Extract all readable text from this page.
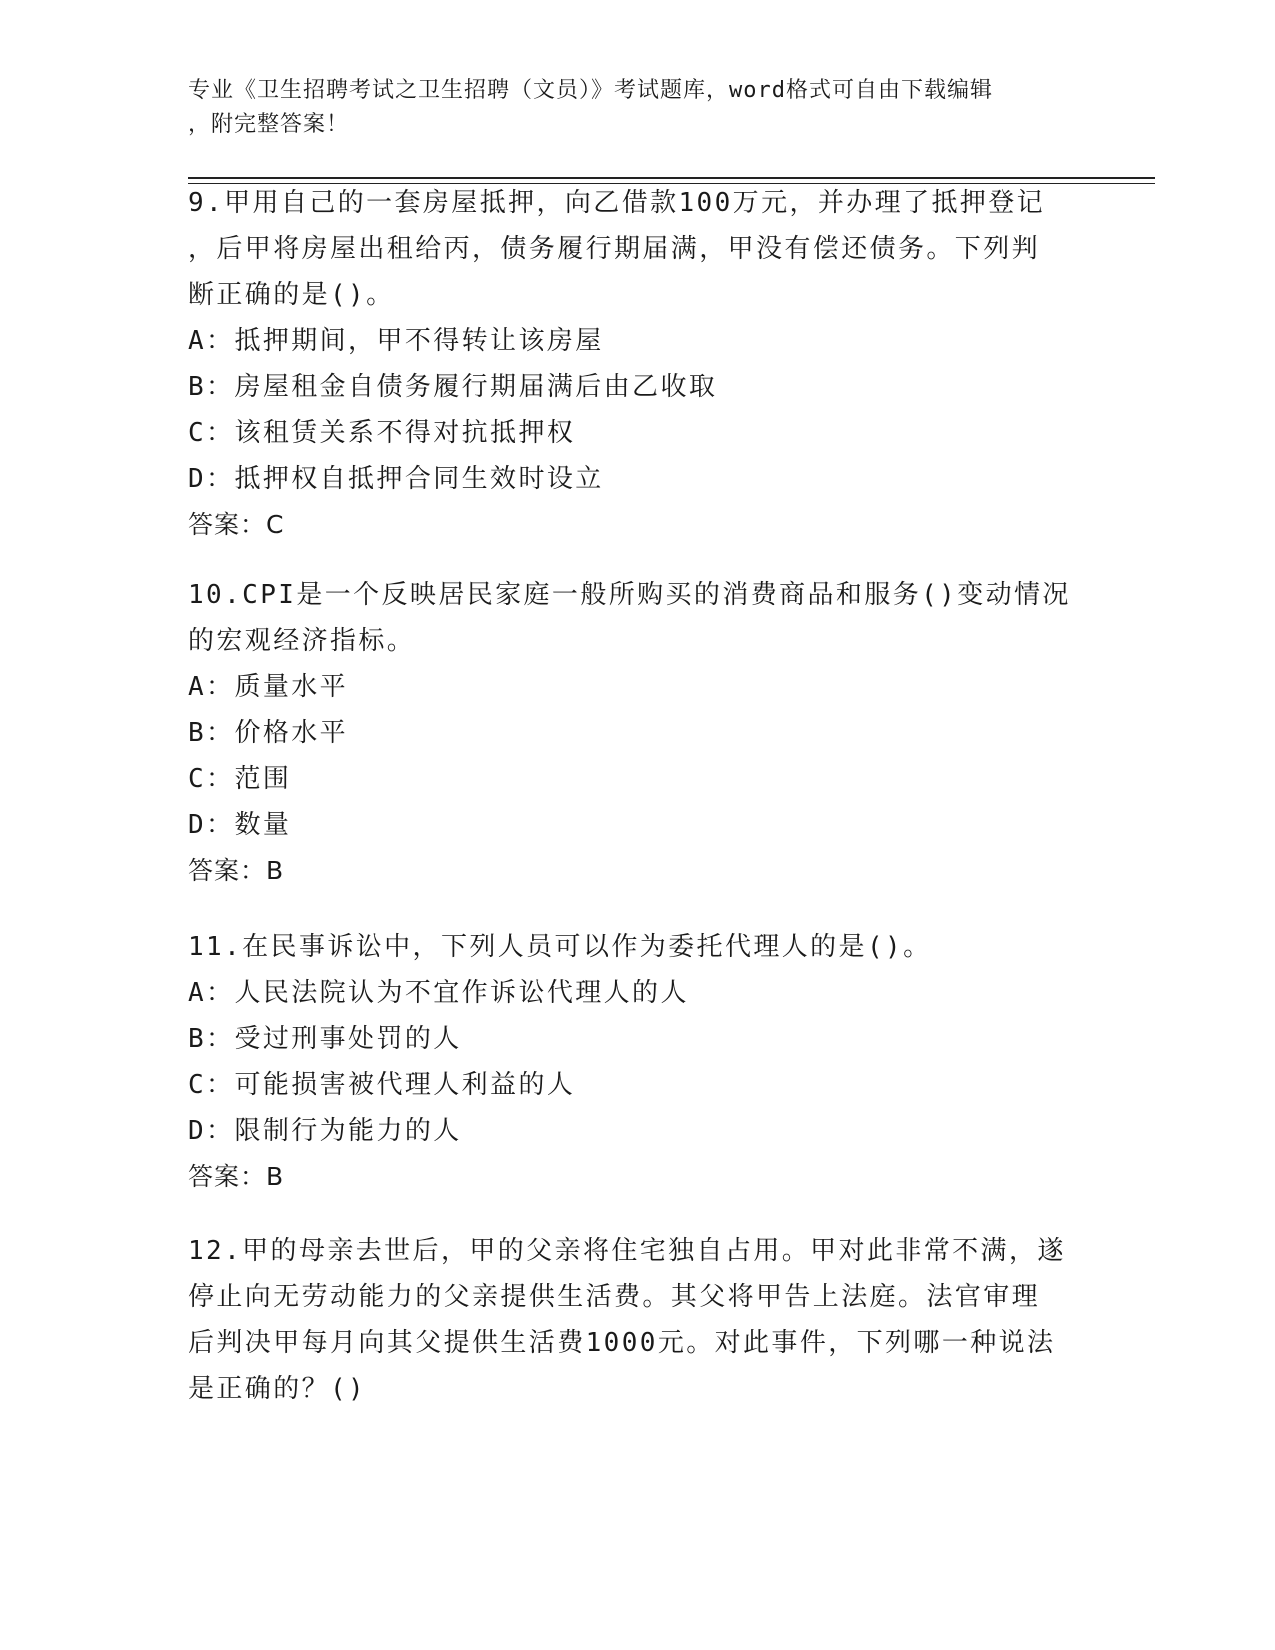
专业《卫生招聘考试之卫生招聘（文员）》考试题库，word格式可自由下载编辑
，附完整答案！
9.甲用自己的一套房屋抵押，向乙借款100万元，并办理了抵押登记
，后甲将房屋出租给丙，债务履行期届满，甲没有偿还债务。下列判
断正确的是()。
A：抵押期间，甲不得转让该房屋
B：房屋租金自债务履行期届满后由乙收取
C：该租赁关系不得对抗抵押权
D：抵押权自抵押合同生效时设立
答案：C
10.CPI是一个反映居民家庭一般所购买的消费商品和服务()变动情况
的宏观经济指标。
A：质量水平
B：价格水平
C：范围
D：数量
答案：B
11.在民事诉讼中，下列人员可以作为委托代理人的是()。
A：人民法院认为不宜作诉讼代理人的人
B：受过刑事处罚的人
C：可能损害被代理人利益的人
D：限制行为能力的人
答案：B
12.甲的母亲去世后，甲的父亲将住宅独自占用。甲对此非常不满，遂
停止向无劳动能力的父亲提供生活费。其父将甲告上法庭。法官审理
后判决甲每月向其父提供生活费1000元。对此事件，下列哪一种说法
是正确的？()
